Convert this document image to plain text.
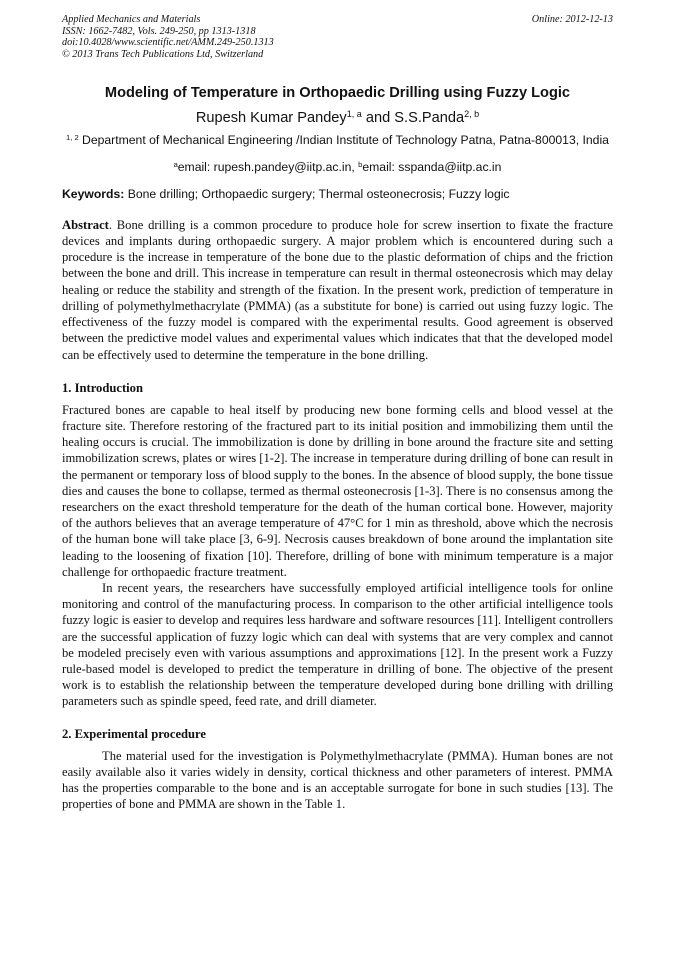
Applied Mechanics and Materials
ISSN: 1662-7482, Vols. 249-250, pp 1313-1318
doi:10.4028/www.scientific.net/AMM.249-250.1313
© 2013 Trans Tech Publications Ltd, Switzerland
Online: 2012-12-13
Modeling of Temperature in Orthopaedic Drilling using Fuzzy Logic
Rupesh Kumar Pandey$^{1, a}$ and S.S.Panda$^{2, b}$
$^{1, 2}$ Department of Mechanical Engineering /Indian Institute of Technology Patna, Patna-800013, India
$^a$email: rupesh.pandey@iitp.ac.in, $^b$email: sspanda@iitp.ac.in
Keywords: Bone drilling; Orthopaedic surgery; Thermal osteonecrosis; Fuzzy logic

Abstract. Bone drilling is a common procedure to produce hole for screw insertion to fixate the fracture devices and implants during orthopaedic surgery. A major problem which is encountered during such a procedure is the increase in temperature of the bone due to the plastic deformation of chips and the friction between the bone and drill. This increase in temperature can result in thermal osteonecrosis which may delay healing or reduce the stability and strength of the fixation. In the present work, prediction of temperature in drilling of polymethylmethacrylate (PMMA) (as a substitute for bone) is carried out using fuzzy logic. The effectiveness of the fuzzy model is compared with the experimental results. Good agreement is observed between the predictive model values and experimental values which indicates that that the developed model can be effectively used to determine the temperature in the bone drilling.

1. Introduction

Fractured bones are capable to heal itself by producing new bone forming cells and blood vessel at the fracture site. Therefore restoring of the fractured part to its initial position and immobilizing them until the healing occurs is crucial. The immobilization is done by drilling in bone around the fracture site and setting immobilization screws, plates or wires [1-2]. The increase in temperature during drilling of bone can result in the permanent or temporary loss of blood supply to the bones. In the absence of blood supply, the bone tissue dies and causes the bone to collapse, termed as thermal osteonecrosis [1-3]. There is no consensus among the researchers on the exact threshold temperature for the death of the human cortical bone. However, majority of the authors believes that an average temperature of 47°C for 1 min as threshold, above which the necrosis of the human bone will take place [3, 6-9]. Necrosis causes breakdown of bone around the implantation site leading to the loosening of fixation [10]. Therefore, drilling of bone with minimum temperature is a major challenge for orthopaedic fracture treatment.

In recent years, the researchers have successfully employed artificial intelligence tools for online monitoring and control of the manufacturing process. In comparison to the other artificial intelligence tools fuzzy logic is easier to develop and requires less hardware and software resources [11]. Intelligent controllers are the successful application of fuzzy logic which can deal with systems that are very complex and cannot be modeled precisely even with various assumptions and approximations [12]. In the present work a Fuzzy rule-based model is developed to predict the temperature in drilling of bone. The objective of the present work is to establish the relationship between the temperature developed during bone drilling with drilling parameters such as spindle speed, feed rate, and drill diameter.

2. Experimental procedure

The material used for the investigation is Polymethylmethacrylate (PMMA). Human bones are not easily available also it varies widely in density, cortical thickness and other parameters of interest. PMMA has the properties comparable to the bone and is an acceptable surrogate for bone in such studies [13]. The properties of bone and PMMA are shown in the Table 1.
